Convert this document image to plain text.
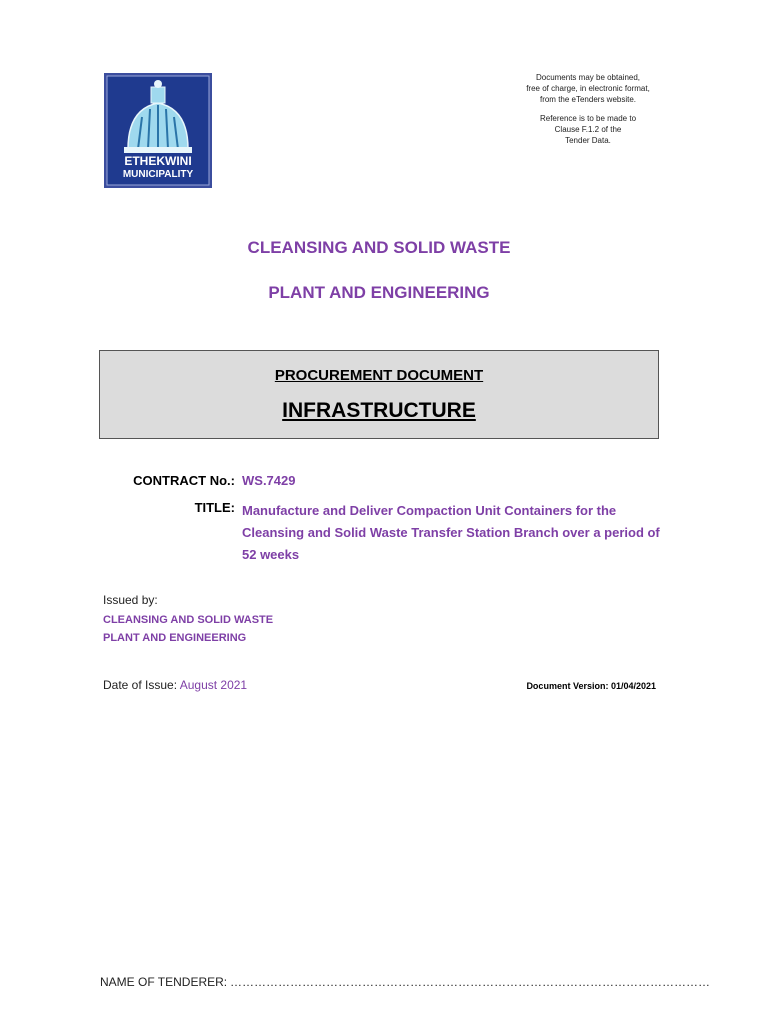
ETHEKWINI
MUNICIPALITY

Documents may be obtained,

free of charge, in electronic format,

from the eTenders website.

Reference is to be made to

Clause F.1.2 of the

Tender Data.

CLEANSING AND SOLID WASTE
PLANT AND ENGINEERING
PROCUREMENT DOCUMENT
INFRASTRUCTURE
CONTRACT No.: WS.7429
TITLE: Manufacture and Deliver Compaction Unit Containers for the Cleansing and Solid Waste Transfer Station Branch over a period of 52 weeks
Issued by:
CLEANSING AND SOLID WASTE
PLANT AND ENGINEERING
Date of Issue: August 2021	Document Version: 01/04/2021
NAME OF TENDERER: …………………………………………………………………………………………………………
